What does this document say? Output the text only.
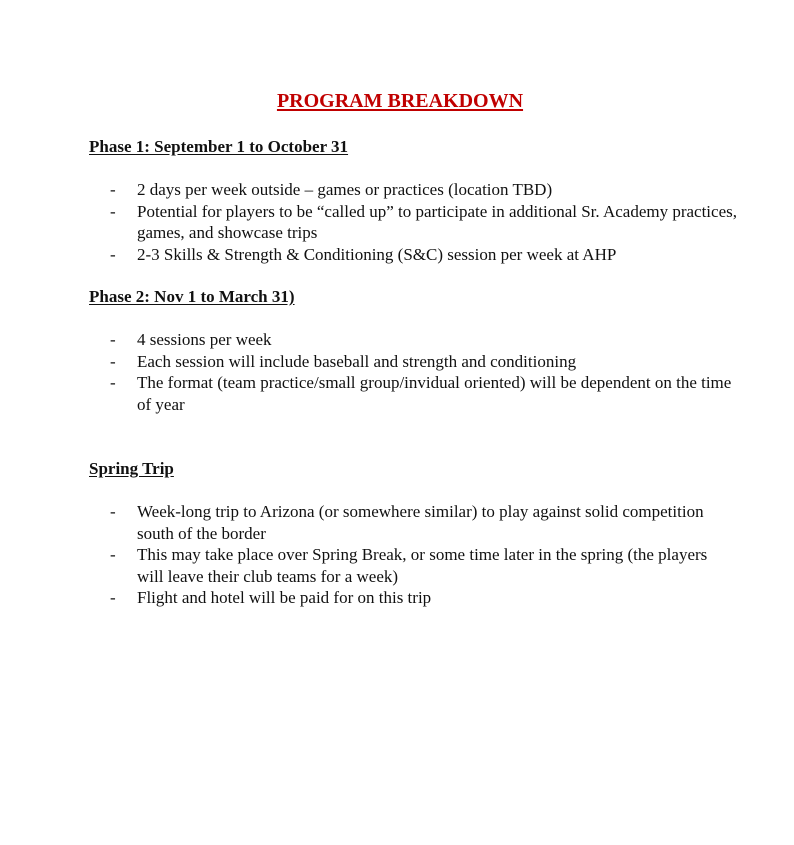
PROGRAM BREAKDOWN
Phase 1: September 1 to October 31
- 2 days per week outside – games or practices (location TBD)
- Potential for players to be “called up” to participate in additional Sr. Academy practices, games, and showcase trips
- 2-3 Skills & Strength & Conditioning (S&C) session per week at AHP
Phase 2: Nov 1 to March 31)
- 4 sessions per week
- Each session will include baseball and strength and conditioning
- The format (team practice/small group/invidual oriented) will be dependent on the time of year
Spring Trip
- Week-long trip to Arizona (or somewhere similar) to play against solid competition south of the border
- This may take place over Spring Break, or some time later in the spring (the players will leave their club teams for a week)
- Flight and hotel will be paid for on this trip
